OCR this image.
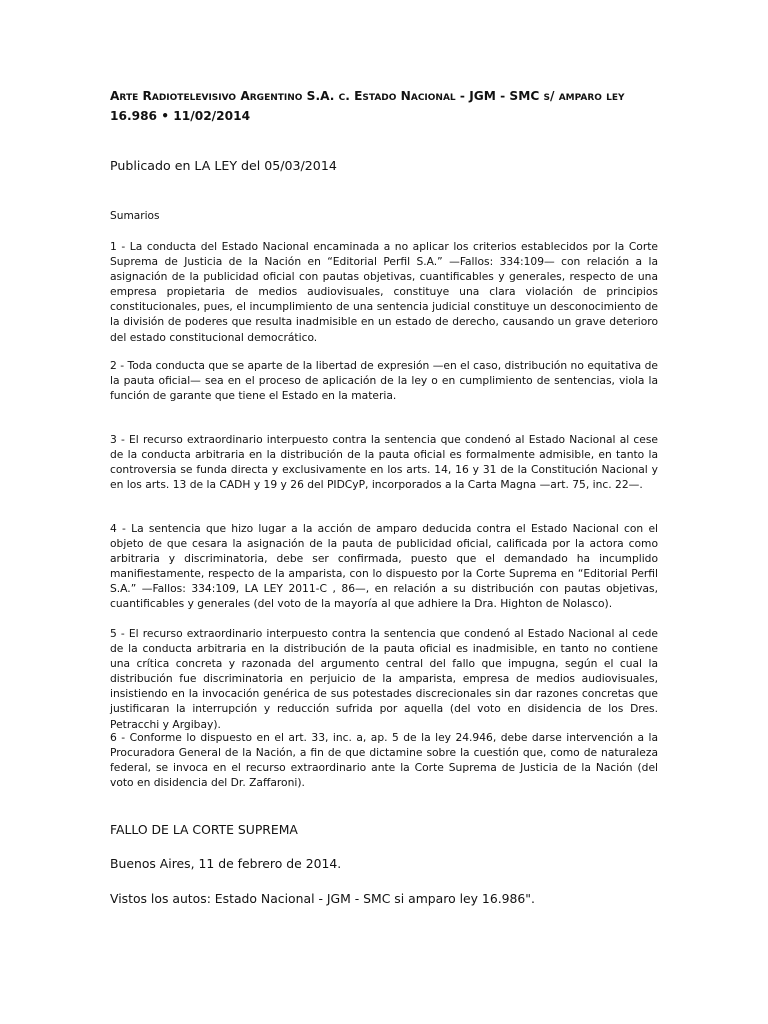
Arte Radiotelevisivo Argentino S.A. c. Estado Nacional - JGM - SMC s/ amparo ley
16.986 • 11/02/2014
Publicado en LA LEY del 05/03/2014
Sumarios
1 - La conducta del Estado Nacional encaminada a no aplicar los criterios establecidos por la Corte Suprema de Justicia de la Nación en “Editorial Perfil S.A.” —Fallos: 334:109— con relación a la asignación de la publicidad oficial con pautas objetivas, cuantificables y generales, respecto de una empresa propietaria de medios audiovisuales, constituye una clara violación de principios constitucionales, pues, el incumplimiento de una sentencia judicial constituye un desconocimiento de la división de poderes que resulta inadmisible en un estado de derecho, causando un grave deterioro del estado constitucional democrático.
2 - Toda conducta que se aparte de la libertad de expresión —en el caso, distribución no equitativa de la pauta oficial— sea en el proceso de aplicación de la ley o en cumplimiento de sentencias, viola la función de garante que tiene el Estado en la materia.
3 - El recurso extraordinario interpuesto contra la sentencia que condenó al Estado Nacional al cese de la conducta arbitraria en la distribución de la pauta oficial es formalmente admisible, en tanto la controversia se funda directa y exclusivamente en los arts. 14, 16 y 31 de la Constitución Nacional y en los arts. 13 de la CADH y 19 y 26 del PIDCyP, incorporados a la Carta Magna —art. 75, inc. 22—.
4 - La sentencia que hizo lugar a la acción de amparo deducida contra el Estado Nacional con el objeto de que cesara la asignación de la pauta de publicidad oficial, calificada por la actora como arbitraria y discriminatoria, debe ser confirmada, puesto que el demandado ha incumplido manifiestamente, respecto de la amparista, con lo dispuesto por la Corte Suprema en “Editorial Perfil S.A.” —Fallos: 334:109, LA LEY 2011-C , 86—, en relación a su distribución con pautas objetivas, cuantificables y generales (del voto de la mayoría al que adhiere la Dra. Highton de Nolasco).
5 - El recurso extraordinario interpuesto contra la sentencia que condenó al Estado Nacional al cede de la conducta arbitraria en la distribución de la pauta oficial es inadmisible, en tanto no contiene una crítica concreta y razonada del argumento central del fallo que impugna, según el cual la distribución fue discriminatoria en perjuicio de la amparista, empresa de medios audiovisuales, insistiendo en la invocación genérica de sus potestades discrecionales sin dar razones concretas que justificaran la interrupción y reducción sufrida por aquella (del voto en disidencia de los Dres. Petracchi y Argibay).
6 - Conforme lo dispuesto en el art. 33, inc. a, ap. 5 de la ley 24.946, debe darse intervención a la Procuradora General de la Nación, a fin de que dictamine sobre la cuestión que, como de naturaleza federal, se invoca en el recurso extraordinario ante la Corte Suprema de Justicia de la Nación (del voto en disidencia del Dr. Zaffaroni).
FALLO DE LA CORTE SUPREMA
Buenos Aires, 11 de febrero de 2014.
Vistos los autos: Estado Nacional - JGM - SMC si amparo ley 16.986".
